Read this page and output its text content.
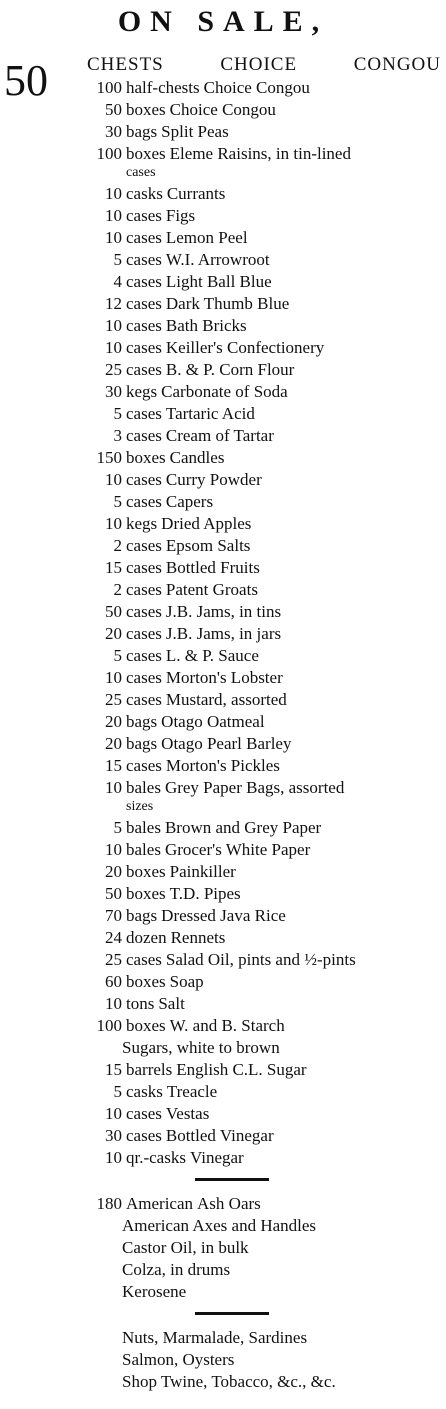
ON SALE,
50 CHESTS	CHOICE	CONGOU
100 half-chests Choice Congou
50 boxes Choice Congou
30 bags Split Peas
100 boxes Eleme Raisins, in tin-lined
cases
10 casks Currants
10 cases Figs
10 cases Lemon Peel
5 cases W.I. Arrowroot
4 cases Light Ball Blue
12 cases Dark Thumb Blue
10 cases Bath Bricks
10 cases Keiller's Confectionery
25 cases B. & P. Corn Flour
30 kegs Carbonate of Soda
5 cases Tartaric Acid
3 cases Cream of Tartar
150 boxes Candles
10 cases Curry Powder
5 cases Capers
10 kegs Dried Apples
2 cases Epsom Salts
15 cases Bottled Fruits
2 cases Patent Groats
50 cases J.B. Jams, in tins
20 cases J.B. Jams, in jars
5 cases L. & P. Sauce
10 cases Morton's Lobster
25 cases Mustard, assorted
20 bags Otago Oatmeal
20 bags Otago Pearl Barley
15 cases Morton's Pickles
10 bales Grey Paper Bags, assorted
sizes
5 bales Brown and Grey Paper
10 bales Grocer's White Paper
20 boxes Painkiller
50 boxes T.D. Pipes
70 bags Dressed Java Rice
24 dozen Rennets
25 cases Salad Oil, pints and ½-pints
60 boxes Soap
10 tons Salt
100 boxes W. and B. Starch
Sugars, white to brown
15 barrels English C.L. Sugar
5 casks Treacle
10 cases Vestas
30 cases Bottled Vinegar
10 qr.-casks Vinegar
180 American Ash Oars
American Axes and Handles
Castor Oil, in bulk
Colza, in drums
Kerosene
Nuts, Marmalade, Sardines
Salmon, Oysters
Shop Twine, Tobacco, &c., &c.
